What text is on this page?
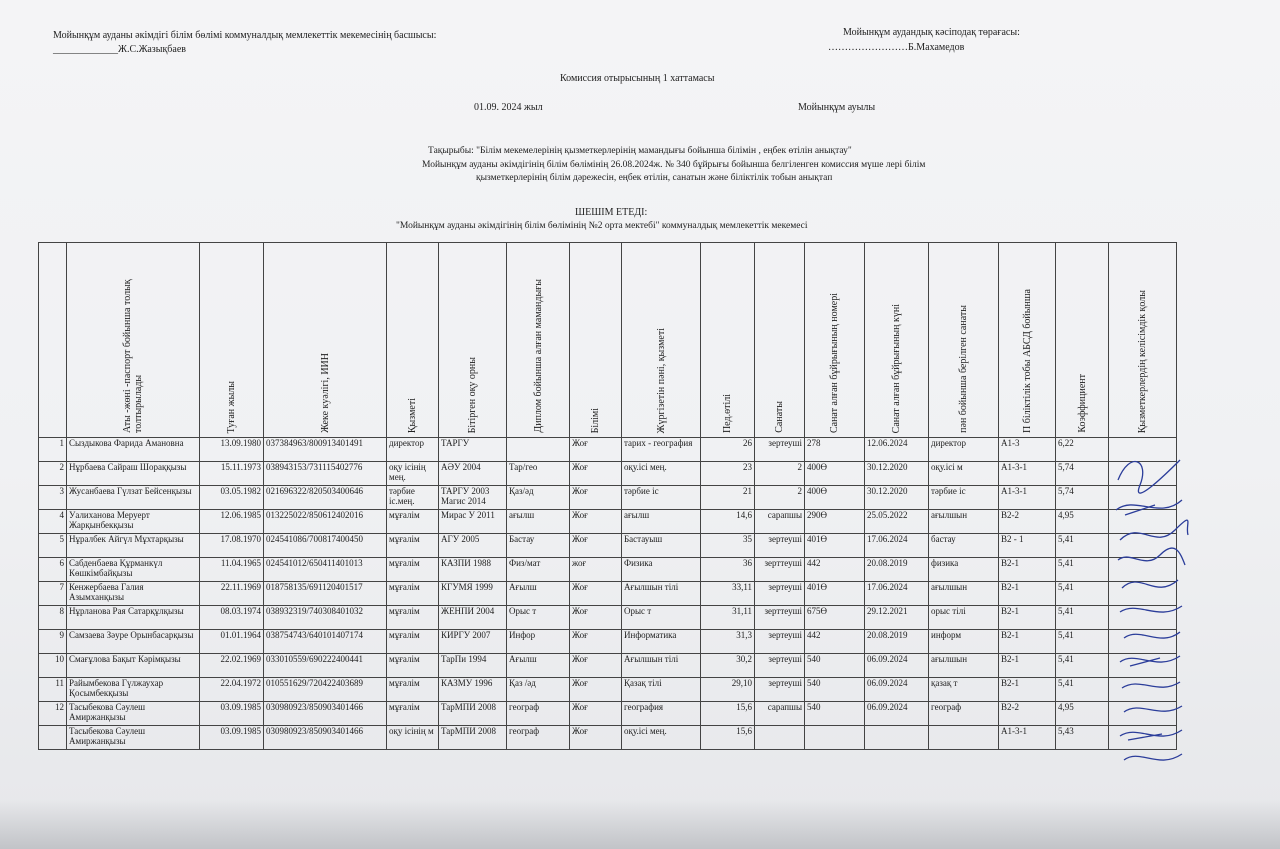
Мойынқұм ауданы әкімдігі білім бөлімі коммуналдық мемлекеттік мекемесінің басшысы:
_____________Ж.С.Жазықбаев
Мойынқұм аудандық кәсіподақ төрағасы:
……………………Б.Махамедов
Комиссия отырысының 1 хаттамасы
01.09. 2024 жыл	Мойынқұм ауылы
Тақырыбы: "Білім мекемелерінің қызметкерлерінің мамандығы бойынша білімін , еңбек өтілін анықтау"
Мойынқұм ауданы әкімдігінің білім бөлімінің 26.08.2024ж. № 340 бұйрығы бойынша белгіленген комиссия мүше лері білім
қызметкерлерінің білім дәрежесін, еңбек өтілін, санатын және біліктілік тобын анықтап
ШЕШІМ ЕТЕДІ:
"Мойынқұм ауданы әкімдігінің білім бөлімінің №2 орта мектебі" коммуналдық мемлекеттік мекемесі
	Аты -жөні -паспорт бойынша толық толтырылады	Туған жылы	Жеке куәлігі, ИИН	Қызметі	Бітірген оқу орны	Диплом бойынша алған мамандығы	Білімі	Жүргізетін пәні, қызметі	Пед.өтілі	Санаты	Санат алған бұйрығының номері	Санат алған бұйрығының күні	пән бойынша берілген санаты	П біліктілік тобы АБСД бойынша	Коэффициент	Қызметкерлердің келісімдік қолы
1	Сыздыкова Фарида Амановна	13.09.1980	037384963/800913401491	директор	ТАРГУ		Жоғ	тарих - география	26	зертеуші	278	12.06.2024	директор	А1-3	6,22	
2	Нұрбаева Сайраш Шораққызы	15.11.1973	038943153/731115402776	оқу ісінің мең.	АӘУ 2004	Тар/гео	Жоғ	оқу.ісі мең.	23	2	400Ө	30.12.2020	оқу.ісі м	А1-3-1	5,74	
3	Жусанбаева Гүлзат Бейсенқызы	03.05.1982	021696322/820503400646	тәрбие іс.мең.	ТАРГУ 2003 Магис 2014	Қаз/әд	Жоғ	тәрбие іс	21	2	400Ө	30.12.2020	тәрбие іс	А1-3-1	5,74	
4	Уалиханова Меруерт Жарқынбекқызы	12.06.1985	013225022/850612402016	мұғалім	Мирас У 2011	ағылш	Жоғ	ағылш	14,6	сарапшы	290Ө	25.05.2022	ағылшын	В2-2	4,95	
5	Нұралбек Айгүл Мұхтарқызы	17.08.1970	024541086/700817400450	мұғалім	АГУ 2005	Бастау	Жоғ	Бастауыш	35	зертеуші	401Ө	17.06.2024	бастау	В2 - 1	5,41	
6	Сабденбаева Құрманкүл Көшкімбайқызы	11.04.1965	024541012/650411401013	мұғалім	КАЗПИ 1988	Физ/мат	жоғ	Физика	36	зерттеуші	442	20.08.2019	физика	В2-1	5,41	
7	Кенжербаева Галия Азымханқызы	22.11.1969	018758135/691120401517	мұғалім	КГУМЯ 1999	Ағылш	Жоғ	Ағылшын тілі	33,11	зертеуші	401Ө	17.06.2024	ағылшын	В2-1	5,41	
8	Нұрланова Рая Сатарқұлқызы	08.03.1974	038932319/740308401032	мұғалім	ЖЕНПИ 2004	Орыс т	Жоғ	Орыс т	31,11	зерттеуші	675Ө	29.12.2021	орыс тілі	В2-1	5,41	
9	Самзаева Зәуре Орынбасарқызы	01.01.1964	038754743/640101407174	мұғалім	КИРГУ 2007	Инфор	Жоғ	Информатика	31,3	зертеуші	442	20.08.2019	информ	В2-1	5,41	
10	Смағұлова Бақыт Кәрімқызы	22.02.1969	033010559/690222400441	мұғалім	ТарПи 1994	Ағылш	Жоғ	Ағылшын тілі	30,2	зертеуші	540	06.09.2024	ағылшын	В2-1	5,41	
11	Райымбекова Гүлжаухар Қосымбекқызы	22.04.1972	010551629/720422403689	мұғалім	КАЗМУ 1996	Қаз /әд	Жоғ	Қазақ тілі	29,10	зертеуші	540	06.09.2024	қазақ т	В2-1	5,41	
12	Тасыбекова Сәулеш Амиржанқызы	03.09.1985	030980923/850903401466	мұғалім	ТарМПИ 2008	географ	Жоғ	география	15,6	сарапшы	540	06.09.2024	географ	В2-2	4,95	
	Тасыбекова Сәулеш Амиржанқызы	03.09.1985	030980923/850903401466	оқу ісінің м	ТарМПИ 2008	географ	Жоғ	оқу.ісі мең.	15,6					А1-3-1	5,43	
